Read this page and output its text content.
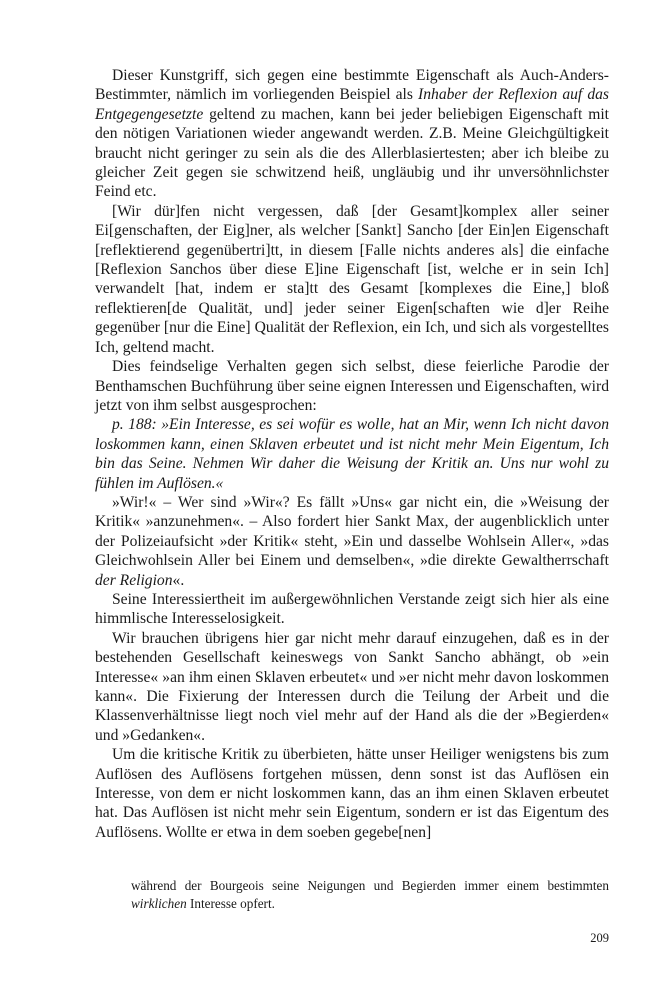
Dieser Kunstgriff, sich gegen eine bestimmte Eigenschaft als Auch-Anders-Bestimmter, nämlich im vorliegenden Beispiel als Inhaber der Reflexion auf das Entgegengesetzte geltend zu machen, kann bei jeder beliebigen Eigenschaft mit den nötigen Variationen wieder angewandt werden. Z.B. Meine Gleichgültigkeit braucht nicht geringer zu sein als die des Allerblasiertesten; aber ich bleibe zu gleicher Zeit gegen sie schwitzend heiß, ungläubig und ihr unversöhnlichster Feind etc.

[Wir dür]fen nicht vergessen, daß [der Gesamt]komplex aller seiner Ei[genschaften, der Eig]ner, als welcher [Sankt] Sancho [der Ein]en Eigenschaft [reflektierend gegenübertri]tt, in diesem [Falle nichts anderes als] die einfache [Reflexion Sanchos über diese E]ine Eigenschaft [ist, welche er in sein Ich] verwandelt [hat, indem er sta]tt des Gesamt [komplexes die Eine,] bloß reflektieren[de Qualität, und] jeder seiner Eigen[schaften wie d]er Reihe gegenüber [nur die Eine] Qualität der Reflexion, ein Ich, und sich als vorgestelltes Ich, geltend macht.

Dies feindselige Verhalten gegen sich selbst, diese feierliche Parodie der Benthamschen Buchführung über seine eignen Interessen und Eigenschaften, wird jetzt von ihm selbst ausgesprochen:

p. 188: »Ein Interesse, es sei wofür es wolle, hat an Mir, wenn Ich nicht davon loskommen kann, einen Sklaven erbeutet und ist nicht mehr Mein Eigentum, Ich bin das Seine. Nehmen Wir daher die Weisung der Kritik an. Uns nur wohl zu fühlen im Auflösen.«

»Wir!« – Wer sind »Wir«? Es fällt »Uns« gar nicht ein, die »Weisung der Kritik« »anzunehmen«. – Also fordert hier Sankt Max, der augenblicklich unter der Polizeiaufsicht »der Kritik« steht, »Ein und dasselbe Wohlsein Aller«, »das Gleichwohlsein Aller bei Einem und demselben«, »die direkte Gewaltherrschaft der Religion«.

Seine Interessiertheit im außergewöhnlichen Verstande zeigt sich hier als eine himmlische Interesselosigkeit.

Wir brauchen übrigens hier gar nicht mehr darauf einzugehen, daß es in der bestehenden Gesellschaft keineswegs von Sankt Sancho abhängt, ob »ein Interesse« »an ihm einen Sklaven erbeutet« und »er nicht mehr davon loskommen kann«. Die Fixierung der Interessen durch die Teilung der Arbeit und die Klassenverhältnisse liegt noch viel mehr auf der Hand als die der »Begierden« und »Gedanken«.

Um die kritische Kritik zu überbieten, hätte unser Heiliger wenigstens bis zum Auflösen des Auflösens fortgehen müssen, denn sonst ist das Auflösen ein Interesse, von dem er nicht loskommen kann, das an ihm einen Sklaven erbeutet hat. Das Auflösen ist nicht mehr sein Eigentum, sondern er ist das Eigentum des Auflösens. Wollte er etwa in dem soeben gegebe[nen]

während der Bourgeois seine Neigungen und Begierden immer einem bestimmten wirklichen Interesse opfert.

209
